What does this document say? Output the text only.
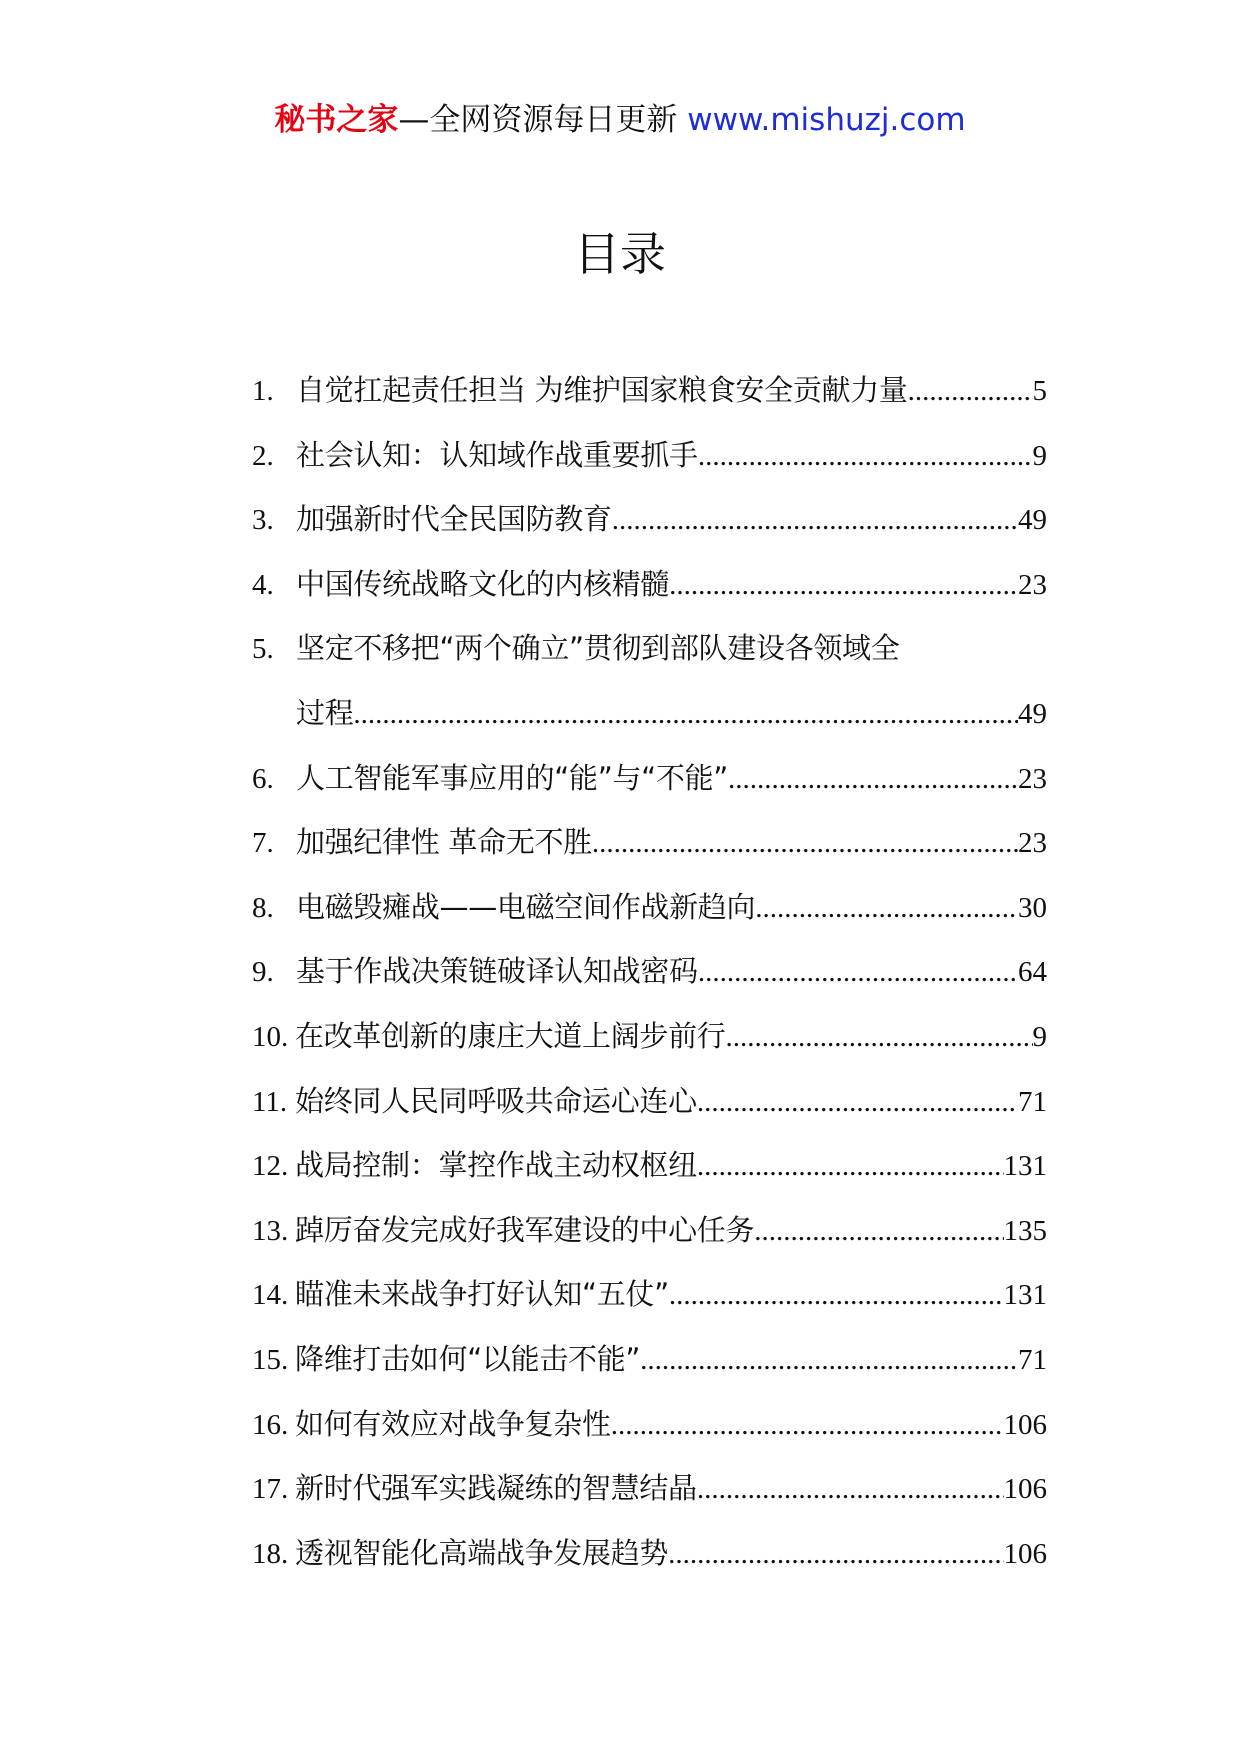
秘书之家—全网资源每日更新 www.mishuzj.com
目录
1. 自觉扛起责任担当 为维护国家粮食安全贡献力量 .....	5
2. 社会认知：认知域作战重要抓手 .....	9
3. 加强新时代全民国防教育 .....	49
4. 中国传统战略文化的内核精髓 .....	23
5. 坚定不移把“两个确立”贯彻到部队建设各领域全
过程 .....	49
6. 人工智能军事应用的“能”与“不能” .....	23
7. 加强纪律性 革命无不胜 .....	23
8. 电磁毁瘫战——电磁空间作战新趋向 .....	30
9. 基于作战决策链破译认知战密码 .....	64
10. 在改革创新的康庄大道上阔步前行 .....	9
11. 始终同人民同呼吸共命运心连心 .....	71
12. 战局控制：掌控作战主动权枢纽 .....	131
13. 踔厉奋发完成好我军建设的中心任务 .....	135
14. 瞄准未来战争打好认知“五仗” .....	131
15. 降维打击如何“以能击不能” .....	71
16. 如何有效应对战争复杂性 .....	106
17. 新时代强军实践凝练的智慧结晶 .....	106
18. 透视智能化高端战争发展趋势 .....	106
